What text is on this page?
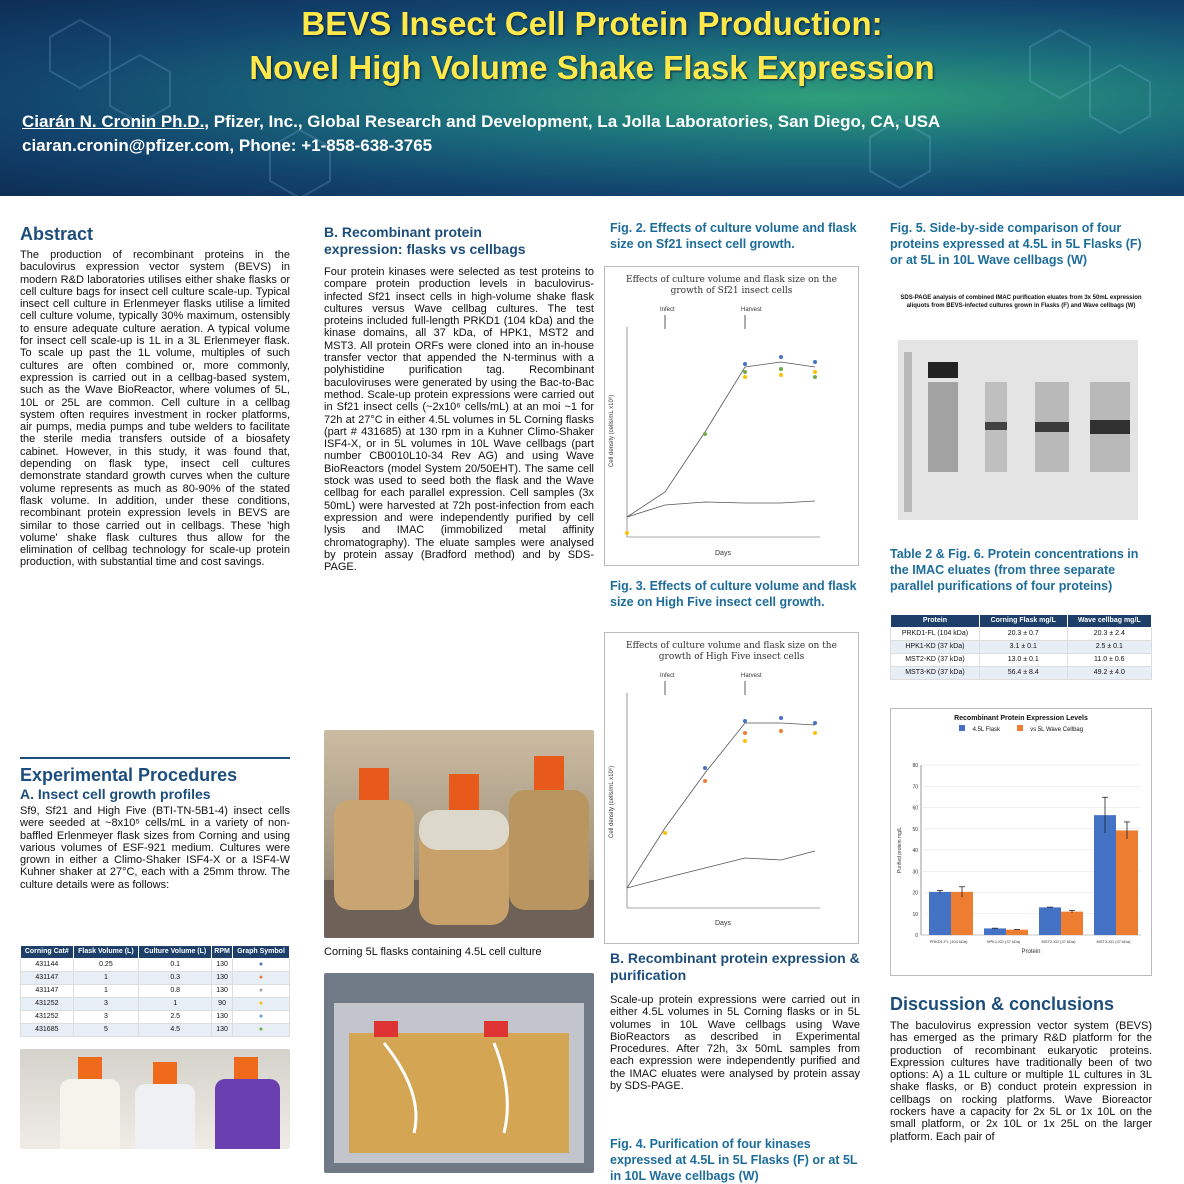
BEVS Insect Cell Protein Production:
Novel High Volume Shake Flask Expression
Ciarán N. Cronin Ph.D., Pfizer, Inc., Global Research and Development, La Jolla Laboratories, San Diego, CA, USA
ciaran.cronin@pfizer.com, Phone: +1-858-638-3765
Abstract
The production of recombinant proteins in the baculovirus expression vector system (BEVS) in modern R&D laboratories utilises either shake flasks or cell culture bags for insect cell culture scale-up. Typical insect cell culture in Erlenmeyer flasks utilise a limited cell culture volume, typically 30% maximum, ostensibly to ensure adequate culture aeration. A typical volume for insect cell scale-up is 1L in a 3L Erlenmeyer flask. To scale up past the 1L volume, multiples of such cultures are often combined or, more commonly, expression is carried out in a cellbag-based system, such as the Wave BioReactor, where volumes of 5L, 10L or 25L are common. Cell culture in a cellbag system often requires investment in rocker platforms, air pumps, media pumps and tube welders to facilitate the sterile media transfers outside of a biosafety cabinet. However, in this study, it was found that, depending on flask type, insect cell cultures demonstrate standard growth curves when the culture volume represents as much as 80-90% of the stated flask volume. In addition, under these conditions, recombinant protein expression levels in BEVS are similar to those carried out in cellbags. These 'high volume' shake flask cultures thus allow for the elimination of cellbag technology for scale-up protein production, with substantial time and cost savings.
Experimental Procedures
A. Insect cell growth profiles
Sf9, Sf21 and High Five (BTI-TN-5B1-4) insect cells were seeded at ~8x10⁵ cells/mL in a variety of non-baffled Erlenmeyer flask sizes from Corning and using various volumes of ESF-921 medium. Cultures were grown in either a Climo-Shaker ISF4-X or a ISF4-W Kuhner shaker at 27°C, each with a 25mm throw. The culture details were as follows:
Corning Cat#	Flask Volume (L)	Culture Volume (L)	RPM	Graph Symbol
431144	0.25	0.1	130	●
431147	1	0.3	130	●
431147	1	0.8	130	●
431252	3	1	90	●
431252	3	2.5	130	●
431685	5	4.5	130	●
B. Recombinant protein expression: flasks vs cellbags
Four protein kinases were selected as test proteins to compare protein production levels in baculovirus-infected Sf21 insect cells in high-volume shake flask cultures versus Wave cellbag cultures. The test proteins included full-length PRKD1 (104 kDa) and the kinase domains, all 37 kDa, of HPK1, MST2 and MST3. All protein ORFs were cloned into an in-house transfer vector that appended the N-terminus with a polyhistidine purification tag. Recombinant baculoviruses were generated by using the Bac-to-Bac method. Scale-up protein expressions were carried out in Sf21 insect cells (~2x10⁶ cells/mL) at an moi ~1 for 72h at 27°C in either 4.5L volumes in 5L Corning flasks (part # 431685) at 130 rpm in a Kuhner Climo-Shaker ISF4-X, or in 5L volumes in 10L Wave cellbags (part number CB0010L10-34 Rev AG) and using Wave BioReactors (model System 20/50EHT). The same cell stock was used to seed both the flask and the Wave cellbag for each parallel expression. Cell samples (3x 50mL) were harvested at 72h post-infection from each expression and were independently purified by cell lysis and IMAC (immobilized metal affinity chromatography). The eluate samples were analysed by protein assay (Bradford method) and by SDS-PAGE.
Corning 5L flasks containing 4.5L cell culture
Fig. 2. Effects of culture volume and flask size on Sf21 insect cell growth.
Effects of culture volume and flask size on the growth of Sf21 insect cells
Infect	Harvest
Days
Cell density (cells/mL x10⁶)
Fig. 3. Effects of culture volume and flask size on High Five insect cell growth.
Effects of culture volume and flask size on the growth of High Five insect cells
Infect	Harvest
Days
Cell density (cells/mL x10⁶)
B. Recombinant protein expression & purification
Scale-up protein expressions were carried out in either 4.5L volumes in 5L Corning flasks or in 5L volumes in 10L Wave cellbags using Wave BioReactors as described in Experimental Procedures. After 72h, 3x 50mL samples from each expression were independently purified and the IMAC eluates were analysed by protein assay by SDS-PAGE.
Fig. 4. Purification of four kinases expressed at 4.5L in 5L Flasks (F) or at 5L in 10L Wave cellbags (W)
Fig. 5. Side-by-side comparison of four proteins expressed at 4.5L in 5L Flasks (F) or at 5L in 10L Wave cellbags (W)
SDS-PAGE analysis of combined IMAC purification eluates from 3x 50mL expression aliquots from BEVS-infected cultures grown in Flasks (F) and Wave cellbags (W)
Table 2 & Fig. 6. Protein concentrations in the IMAC eluates (from three separate parallel purifications of four proteins)
Protein	Corning Flask mg/L	Wave cellbag mg/L
PRKD1-FL (104 kDa)	20.3 ± 0.7	20.3 ± 2.4
HPK1-KD (37 kDa)	3.1 ± 0.1	2.5 ± 0.1
MST2-KD (37 kDa)	13.0 ± 0.1	11.0 ± 0.6
MST3-KD (37 kDa)	56.4 ± 8.4	49.2 ± 4.0
Recombinant Protein Expression Levels
4.5L Flask	vs 5L Wave Cellbag
0
10
20
30
40
50
60
70
80
PRKD1-FL (104 kDa)	HPK1-KD (37 kDa)	MST2-KD (37 kDa)	MST3-KD (37 kDa)
Protein
Purified protein mg/L
Discussion & conclusions
The baculovirus expression vector system (BEVS) has emerged as the primary R&D platform for the production of recombinant eukaryotic proteins. Expression cultures have traditionally been of two options: A) a 1L culture or multiple 1L cultures in 3L shake flasks, or B) conduct protein expression in cellbags on rocking platforms. Wave Bioreactor rockers have a capacity for 2x 5L or 1x 10L on the small platform, or 2x 10L or 1x 25L on the larger platform. Each pair of
